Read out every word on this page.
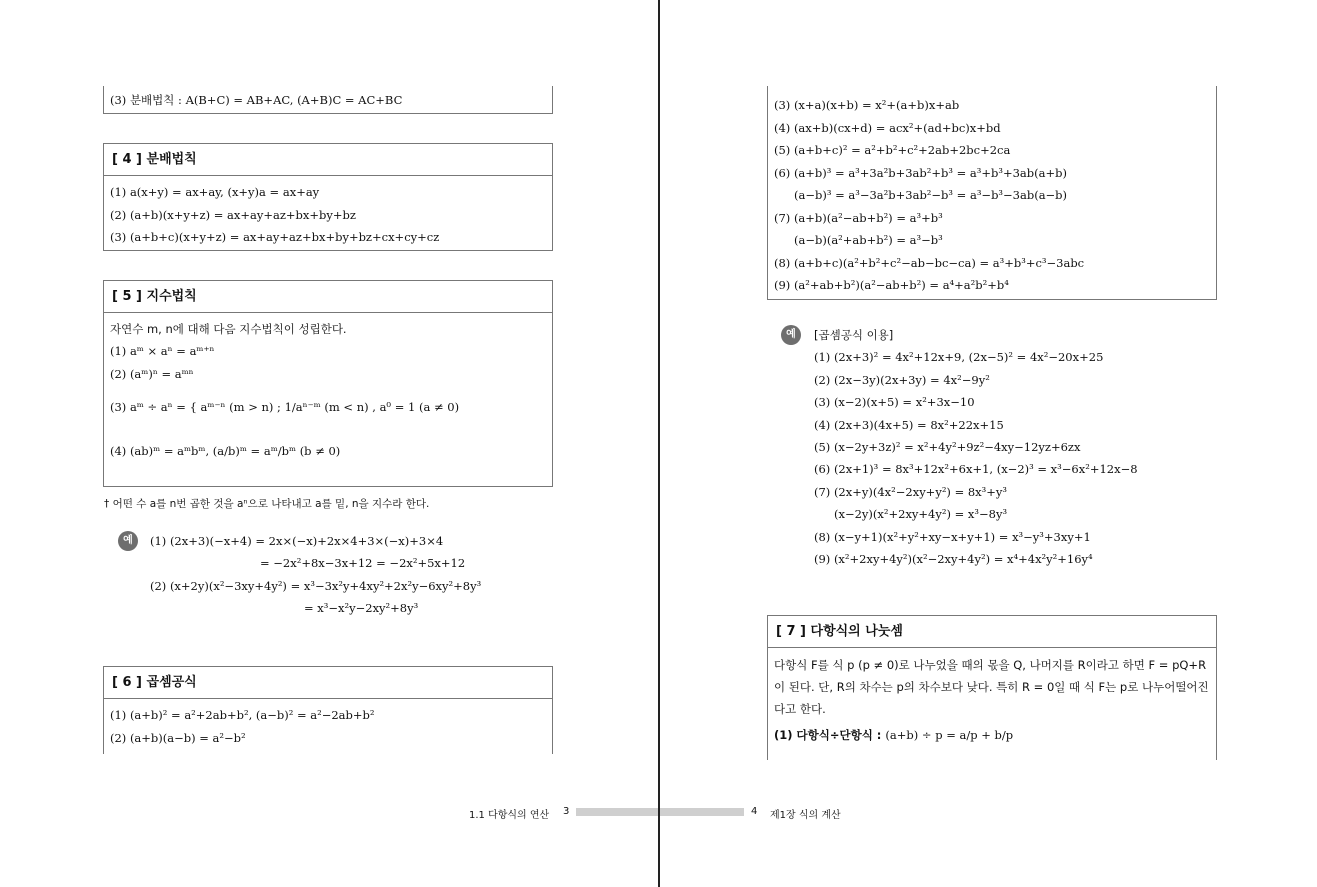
(3) 분배법칙 : A(B+C) = AB+AC, (A+B)C = AC+BC
[ 4 ] 분배법칙
(1) a(x+y) = ax+ay, (x+y)a = ax+ay
(2) (a+b)(x+y+z) = ax+ay+az+bx+by+bz
(3) (a+b+c)(x+y+z) = ax+ay+az+bx+by+bz+cx+cy+cz
[ 5 ] 지수법칙
자연수 m, n에 대해 다음 지수법칙이 성립한다.
(1) aᵐ × aⁿ = aᵐ⁺ⁿ
(2) (aᵐ)ⁿ = aᵐⁿ
(3) aᵐ ÷ aⁿ = { aᵐ⁻ⁿ (m > n) ; 1/aⁿ⁻ᵐ (m < n) , a⁰ = 1 (a ≠ 0)
(4) (ab)ᵐ = aᵐbᵐ, (a/b)ᵐ = aᵐ/bᵐ (b ≠ 0)
† 어떤 수 a를 n번 곱한 것을 aⁿ으로 나타내고 a를 밑, n을 지수라 한다.
예	(1) (2x+3)(−x+4) = 2x×(−x)+2x×4+3×(−x)+3×4
= −2x²+8x−3x+12 = −2x²+5x+12
(2) (x+2y)(x²−3xy+4y²) = x³−3x²y+4xy²+2x²y−6xy²+8y³
= x³−x²y−2xy²+8y³
[ 6 ] 곱셈공식
(1) (a+b)² = a²+2ab+b², (a−b)² = a²−2ab+b²
(2) (a+b)(a−b) = a²−b²
1.1 다항식의 연산 3
(3) (x+a)(x+b) = x²+(a+b)x+ab
(4) (ax+b)(cx+d) = acx²+(ad+bc)x+bd
(5) (a+b+c)² = a²+b²+c²+2ab+2bc+2ca
(6) (a+b)³ = a³+3a²b+3ab²+b³ = a³+b³+3ab(a+b)
(a−b)³ = a³−3a²b+3ab²−b³ = a³−b³−3ab(a−b)
(7) (a+b)(a²−ab+b²) = a³+b³
(a−b)(a²+ab+b²) = a³−b³
(8) (a+b+c)(a²+b²+c²−ab−bc−ca) = a³+b³+c³−3abc
(9) (a²+ab+b²)(a²−ab+b²) = a⁴+a²b²+b⁴
예	[곱셈공식 이용]
(1) (2x+3)² = 4x²+12x+9, (2x−5)² = 4x²−20x+25
(2) (2x−3y)(2x+3y) = 4x²−9y²
(3) (x−2)(x+5) = x²+3x−10
(4) (2x+3)(4x+5) = 8x²+22x+15
(5) (x−2y+3z)² = x²+4y²+9z²−4xy−12yz+6zx
(6) (2x+1)³ = 8x³+12x²+6x+1, (x−2)³ = x³−6x²+12x−8
(7) (2x+y)(4x²−2xy+y²) = 8x³+y³
(x−2y)(x²+2xy+4y²) = x³−8y³
(8) (x−y+1)(x²+y²+xy−x+y+1) = x³−y³+3xy+1
(9) (x²+2xy+4y²)(x²−2xy+4y²) = x⁴+4x²y²+16y⁴
[ 7 ] 다항식의 나눗셈
다항식 F를 식 p (p ≠ 0)로 나누었을 때의 몫을 Q, 나머지를 R이라고 하면 F = pQ+R이 된다. 단, R의 차수는 p의 차수보다 낮다. 특히 R = 0일 때 식 F는 p로 나누어떨어진다고 한다.
(1) 다항식÷단항식 : (a+b) ÷ p = a/p + b/p
4 제1장 식의 계산
